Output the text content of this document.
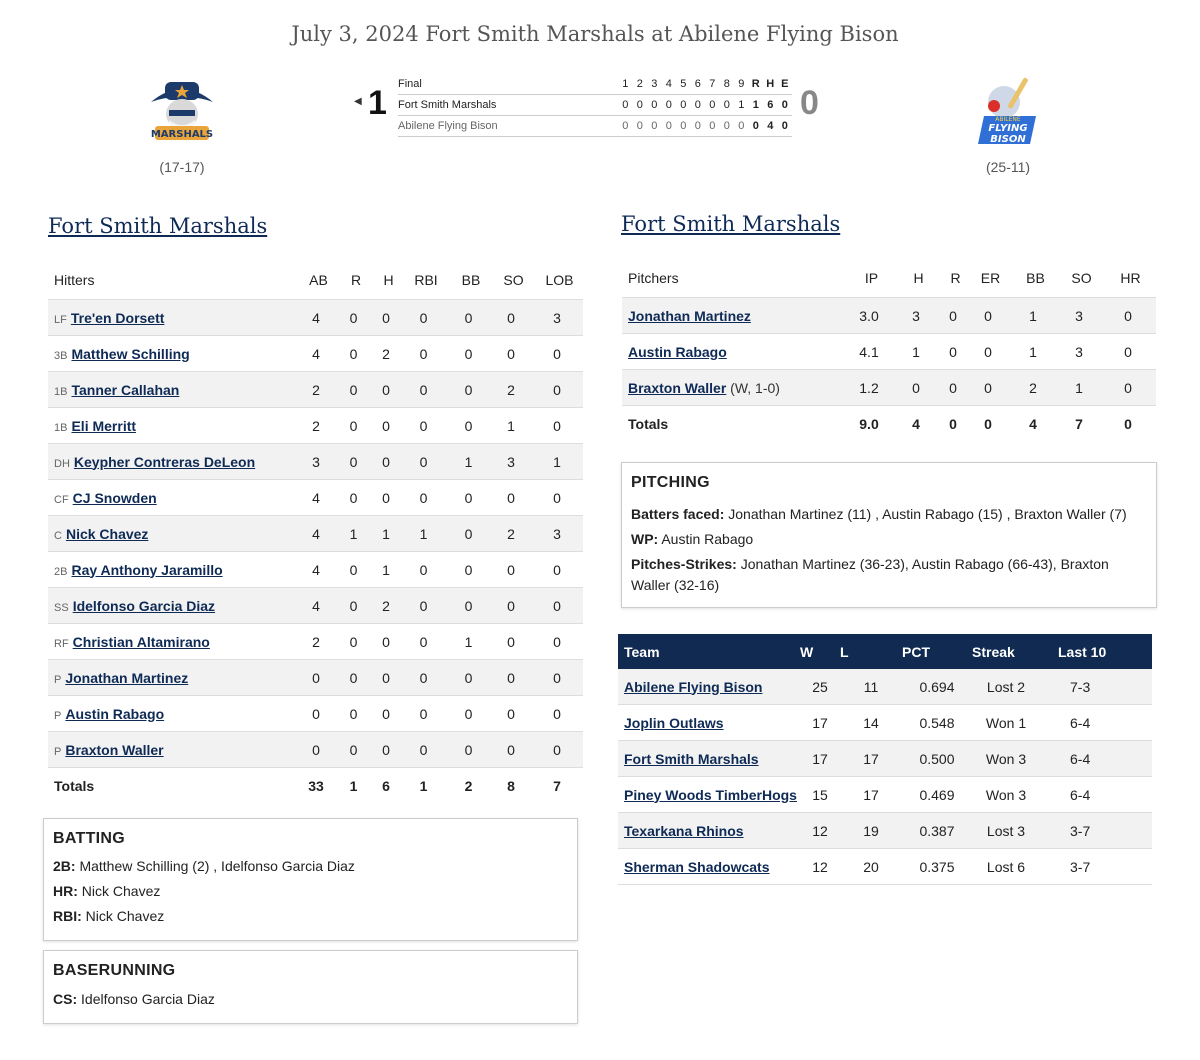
July 3, 2024 Fort Smith Marshals at Abilene Flying Bison
MARSHALS
(17-17)
ABILENE
FLYING
BISON
(25-11)
◀ 1	0
Final	1	2	3	4	5	6	7	8	9	R	H	E
Fort Smith Marshals	0	0	0	0	0	0	0	0	1	1	6	0
Abilene Flying Bison	0	0	0	0	0	0	0	0	0	0	4	0
Fort Smith Marshals
Hitters	AB	R	H	RBI	BB	SO	LOB
LF Tre'en Dorsett	4	0	0	0	0	0	3
3B Matthew Schilling	4	0	2	0	0	0	0
1B Tanner Callahan	2	0	0	0	0	2	0
1B Eli Merritt	2	0	0	0	0	1	0
DH Keypher Contreras DeLeon	3	0	0	0	1	3	1
CF CJ Snowden	4	0	0	0	0	0	0
C Nick Chavez	4	1	1	1	0	2	3
2B Ray Anthony Jaramillo	4	0	1	0	0	0	0
SS Idelfonso Garcia Diaz	4	0	2	0	0	0	0
RF Christian Altamirano	2	0	0	0	1	0	0
P Jonathan Martinez	0	0	0	0	0	0	0
P Austin Rabago	0	0	0	0	0	0	0
P Braxton Waller	0	0	0	0	0	0	0
Totals	33	1	6	1	2	8	7
BATTING

2B: Matthew Schilling (2) , Idelfonso Garcia Diaz

HR: Nick Chavez

RBI: Nick Chavez

BASERUNNING

CS: Idelfonso Garcia Diaz

Fort Smith Marshals
Pitchers	IP	H	R	ER	BB	SO	HR
Jonathan Martinez	3.0	3	0	0	1	3	0
Austin Rabago	4.1	1	0	0	1	3	0
Braxton Waller (W, 1-0)	1.2	0	0	0	2	1	0
Totals	9.0	4	0	0	4	7	0
PITCHING

Batters faced: Jonathan Martinez (11) , Austin Rabago (15) , Braxton Waller (7)

WP: Austin Rabago

Pitches-Strikes: Jonathan Martinez (36-23), Austin Rabago (66-43), Braxton Waller (32-16)

Team	W	L	PCT	Streak	Last 10
Abilene Flying Bison	25	11	0.694	Lost 2	7-3
Joplin Outlaws	17	14	0.548	Won 1	6-4
Fort Smith Marshals	17	17	0.500	Won 3	6-4
Piney Woods TimberHogs	15	17	0.469	Won 3	6-4
Texarkana Rhinos	12	19	0.387	Lost 3	3-7
Sherman Shadowcats	12	20	0.375	Lost 6	3-7
